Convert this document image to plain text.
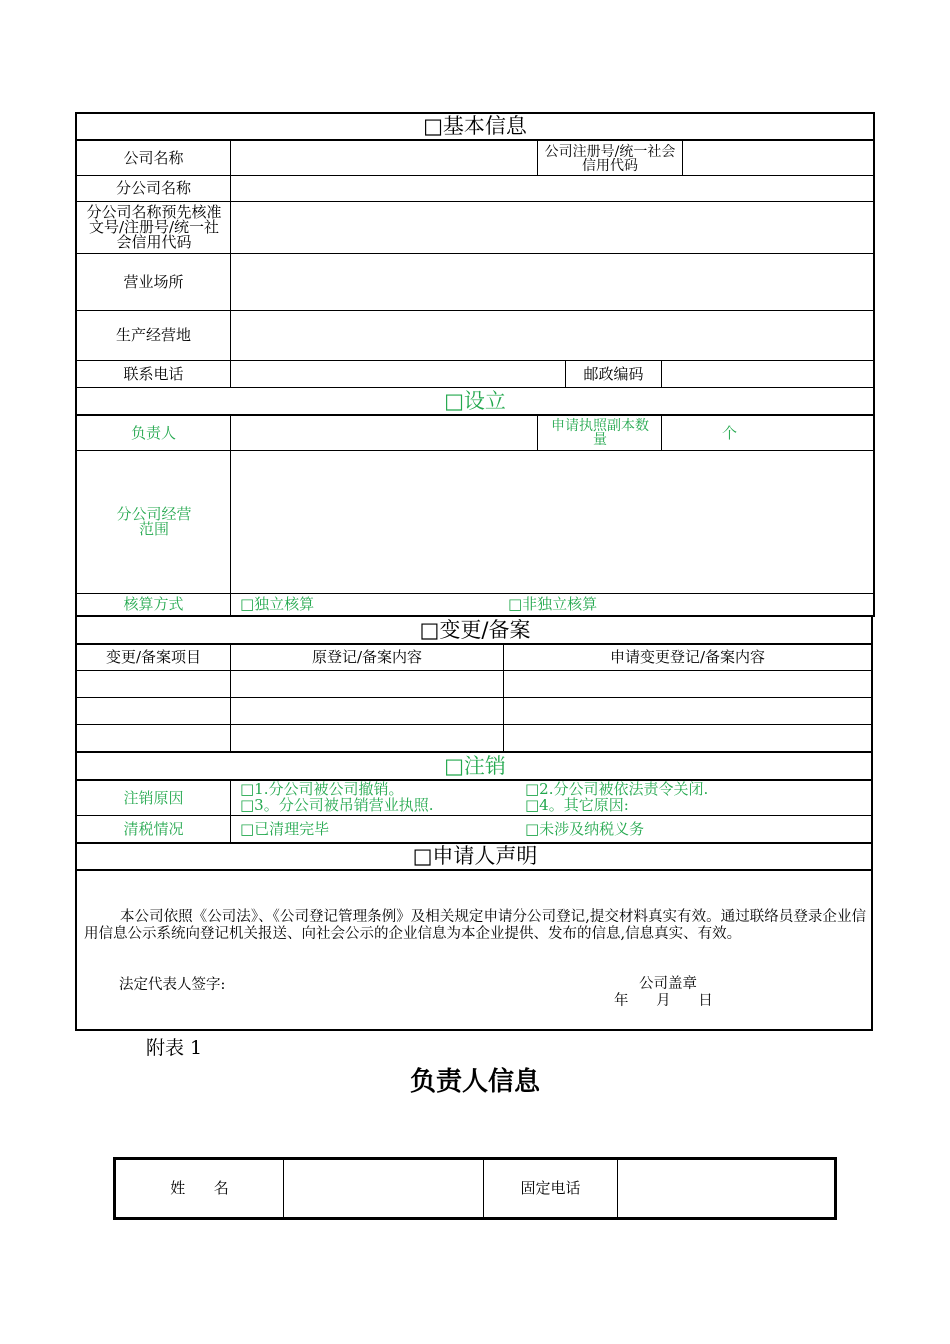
□基本信息
公司名称	公司注册号/统一社会信用代码
分公司名称
分公司名称预先核准文号/注册号/统一社会信用代码
营业场所
生产经营地
联系电话	邮政编码
□设立
负责人	申请执照副本数量	个
分公司经营范围
核算方式	□独立核算	□非独立核算
□变更/备案
变更/备案项目	原登记/备案内容	申请变更登记/备案内容
□注销
注销原因	□1.分公司被公司撤销。	□2.分公司被依法责令关闭.
□3。分公司被吊销营业执照.	□4。其它原因:
清税情况	□已清理完毕	□未涉及纳税义务
□申请人声明
本公司依照《公司法》、《公司登记管理条例》及相关规定申请分公司登记,提交材料真实有效。通过联络员登录企业信用信息公示系统向登记机关报送、向社会公示的企业信息为本企业提供、发布的信息,信息真实、有效。
法定代表人签字:	公司盖章
年      月      日
附表 1
负责人信息
姓      名	固定电话
